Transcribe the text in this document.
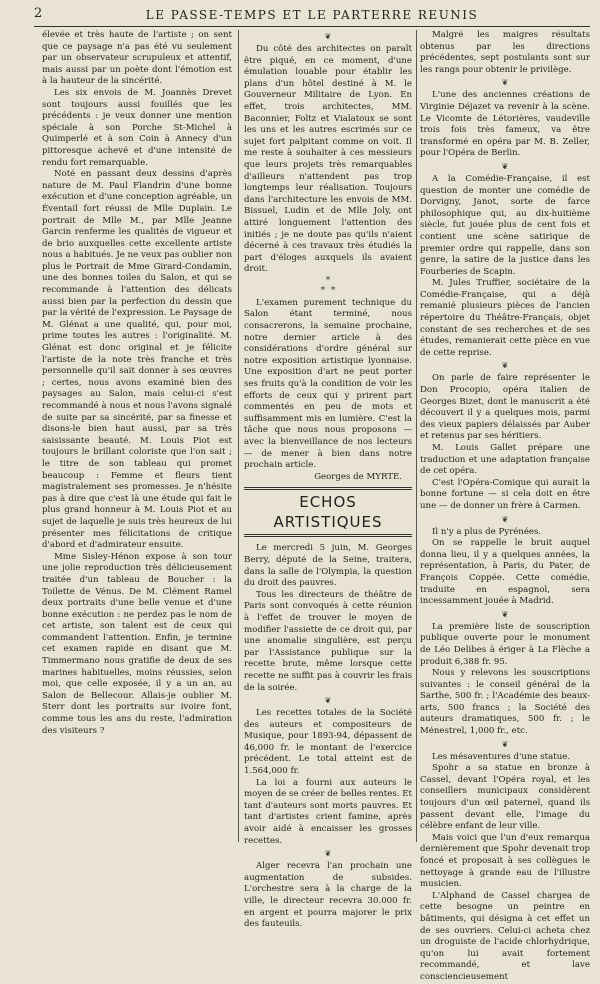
2	LE PASSE-TEMPS ET LE PARTERRE REUNIS

élevée et très haute de l'artiste ; on sent que ce paysage n'a pas été vu seulement par un observateur scrupuleux et attentif, mais aussi par un poète dont l'émotion est à la hauteur de la sincérité.

Les six envois de M. Joannès Drevet sont toujours aussi fouillés que les précédents : je veux donner une mention spéciale à son Porche St-Michel à Quimperlé et à son Coin à Annecy d'un pittoresque achevé et d'une intensité de rendu fort remarquable.

Noté en passant deux dessins d'après nature de M. Paul Flandrin d'une bonne exécution et d'une conception agréable, un Éventail fort réussi de Mlle Duplain. Le portrait de Mlle M., par Mlle Jeanne Garcin renferme les qualités de vigueur et de brio auxquelles cette excellente artiste nous a habitués. Je ne veux pas oublier non plus le Portrait de Mme Girard-Condamin, une des bonnes toiles du Salon, et qui se recommande à l'attention des délicats aussi bien par la perfection du dessin que par la vérité de l'expression. Le Paysage de M. Glénat a une qualité, qui, pour moi, prime toutes les autres : l'originalité. M. Glénat est donc original et je félicite l'artiste de la note très franche et très personnelle qu'il sait donner à ses œuvres ; certes, nous avons examiné bien des paysages au Salon, mais celui-ci s'est recommandé à nous et nous l'avons signalé de suite par sa sincérité, par sa finesse et disons-le bien haut aussi, par sa très saisissante beauté. M. Louis Piot est toujours le brillant coloriste que l'on sait ; le titre de son tableau qui promet beaucoup : Femme et fleurs tient magistralement ses promesses. Je n'hésite pas à dire que c'est là une étude qui fait le plus grand honneur à M. Louis Piot et au sujet de laquelle je suis très heureux de lui présenter mes félicitations de critique d'abord et d'admirateur ensuite.

Mme Sisley-Hénon expose à son tour une jolie reproduction très délicieusement traitée d'un tableau de Boucher : la Toilette de Vénus. De M. Clément Ramel deux portraits d'une belle venue et d'une bonne exécution : ne perdez pas le nom de cet artiste, son talent est de ceux qui commandent l'attention. Enfin, je termine cet examen rapide en disant que M. Timmermano nous gratifie de deux de ses marines habituelles, moins réussies, selon moi, que celle exposée, il y a un an, au Salon de Bellecour. Allais-je oublier M. Sterr dont les portraits sur ivoire font, comme tous les ans du reste, l'admiration des visiteurs ?

❦

Du côté des architectes on paraît être piqué, en ce moment, d'une émulation louable pour établir les plans d'un hôtel destiné à M. le Gouverneur Militaire de Lyon. En effet, trois architectes, MM. Baconnier, Foltz et Vialatoux se sont les uns et les autres escrimés sur ce sujet fort palpitant comme on voit. Il me reste à souhaiter à ces messieurs que leurs projets très remarquables d'ailleurs n'attendent pas trop longtemps leur réalisation. Toujours dans l'architecture les envois de MM. Bissuel, Ludin et de Mlle Joly, ont attiré longuement l'attention des initiés ; je ne doute pas qu'ils n'aient décerné à ces travaux très étudiés la part d'éloges auxquels ils avaient droit.

*
*  *

L'examen purement technique du Salon étant terminé, nous consacrerons, la semaine prochaine, notre dernier article à des considérations d'ordre général sur notre exposition artistique lyonnaise. Une exposition d'art ne peut porter ses fruits qu'à la condition de voir les efforts de ceux qui y prirent part commentés en peu de mots et suffisamment mis en lumière. C'est la tâche que nous nous proposons — avec la bienveillance de nos lecteurs — de mener à bien dans notre prochain article.

Georges de MYRTE.

ECHOS ARTISTIQUES

Le mercredi 5 juin, M. Georges Berry, député de la Seine, traitera, dans la salle de l'Olympia, la question du droit des pauvres.

Tous les directeurs de théâtre de Paris sont convoqués à cette réunion à l'effet de trouver le moyen de modifier l'assiette de ce droit qui, par une anomalie singulière, est perçu par l'Assistance publique sur la recette brute, même lorsque cette recette ne suffit pas à couvrir les frais de la soirée.

❦

Les recettes totales de la Société des auteurs et compositeurs de Musique, pour 1893-94, dépassent de 46,000 fr. le montant de l'exercice précédent. Le total atteint est de 1.564,000 fr.

La loi a fourni aux auteurs le moyen de se créer de belles rentes. Et tant d'auteurs sont morts pauvres. Et tant d'artistes crient famine, après avoir aidé à encaisser les grosses recettes.

❦

Alger recevra l'an prochain une augmentation de subsides. L'orchestre sera à la charge de la ville, le directeur recevra 30.000 fr. en argent et pourra majorer le prix des fauteuils.

Malgré les maigres résultats obtenus par les directions précédentes, sept postulants sont sur les rangs pour obtenir le privilège.

❦

L'une des anciennes créations de Virginie Déjazet va revenir à la scène. Le Vicomte de Létorières, vaudeville trois fois très fameux, va être transformé en opéra par M. B. Zeller, pour l'Opéra de Berlin.

❦

A la Comédie-Française, il est question de monter une comédie de Dorvigny, Janot, sorte de farce philosophique qui, au dix-huitième siècle, fut jouée plus de cent fois et contient une scène satirique de premier ordre qui rappelle, dans son genre, la satire de la justice dans les Fourberies de Scapin.

M. Jules Truffier, sociétaire de la Comédie-Française, qui a déjà remanié plusieurs pièces de l'ancien répertoire du Théâtre-Français, objet constant de ses recherches et de ses études, remanierait cette pièce en vue de cette reprise.

❦

On parle de faire représenter le Don Procopio, opéra italien de Georges Bizet, dont le manuscrit a été découvert il y a quelques mois, parmi des vieux papiers délaissés par Auber et retenus par ses héritiers.

M. Louis Gallet prépare une traduction et une adaptation française de cet opéra.

C'est l'Opéra-Comique qui aurait la bonne fortune — si cela doit en être une — de donner un frère à Carmen.

❦

Il n'y a plus de Pyrénées.

On se rappelle le bruit auquel donna lieu, il y a quelques années, la représentation, à Paris, du Pater, de François Coppée. Cette comédie, traduite en espagnol, sera incessamment jouée à Madrid.

❦

La première liste de souscription publique ouverte pour le monument de Léo Delibes à ériger à La Flèche a produit 6,388 fr. 95.

Nous y relevons les souscriptions suivantes : le conseil général de la Sarthe, 500 fr. ; l'Académie des beaux-arts, 500 francs ; la Société des auteurs dramatiques, 500 fr. ; le Ménestrel, 1,000 fr., etc.

❦

Les mésaventures d'une statue.

Spohr a sa statue en bronze à Cassel, devant l'Opéra royal, et les conseillers municipaux considèrent toujours d'un œil paternel, quand ils passent devant elle, l'image du célèbre enfant de leur ville.

Mais voici que l'un d'eux remarqua dernièrement que Spohr devenait trop foncé et proposait à ses collègues le nettoyage à grande eau de l'illustre musicien.

L'Alphand de Cassel chargea de cette besogne un peintre en bâtiments, qui désigna à cet effet un de ses ouvriers. Celui-ci acheta chez un droguiste de l'acide chlorhydrique, qu'on lui avait fortement recommandé, et lave consciencieusement
